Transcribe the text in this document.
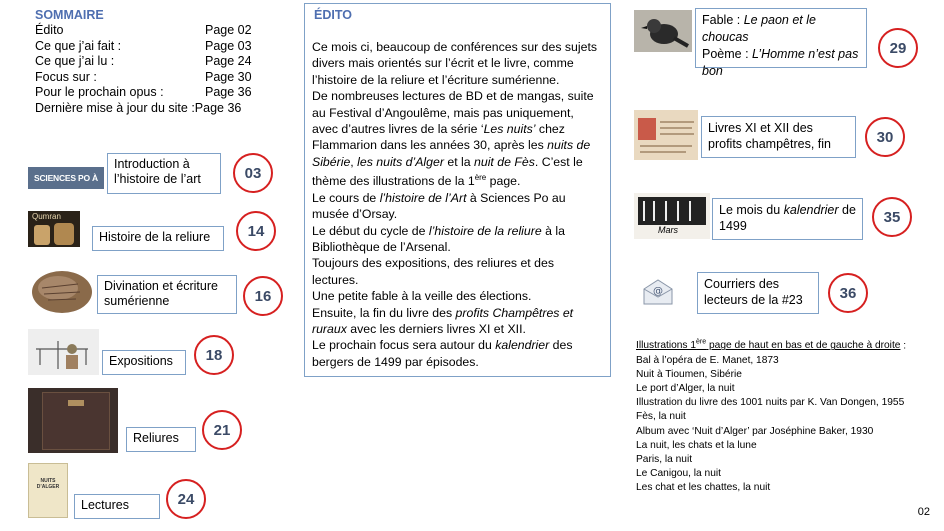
SOMMAIRE
Édito	Page 02
Ce que j’ai fait :	Page 03
Ce que j’ai lu :	Page 24
Focus sur :	Page 30
Pour le prochain opus :	Page 36
Dernière mise à jour du site : Page 36
ÉDITO
Ce mois ci, beaucoup de conférences sur des sujets divers mais orientés sur l’écrit et le livre, comme l’histoire de la reliure et l’écriture sumérienne.
De nombreuses lectures de BD et de mangas, suite au Festival d’Angoulême, mais pas uniquement, avec d’autres livres de la série ‘Les nuits’ chez Flammarion dans les années 30, après les nuits de Sibérie, les nuits d’Alger et la nuit de Fès. C’est le thème des illustrations de la 1ère page.
Le cours de l’histoire de l’Art à Sciences Po au musée d’Orsay.
Le début du cycle de l’histoire de la reliure à la Bibliothèque de l’Arsenal.
Toujours des expositions, des reliures et des lectures.
Une petite fable à la veille des élections.
Ensuite, la fin du livre des profits Champêtres et ruraux avec les derniers livres XI et XII.
Le prochain focus sera autour du kalendrier des bergers de 1499 par épisodes.
SCIENCES PO À ORSAY
Introduction à l’histoire de l’art	03
Qumran
Histoire de la reliure	14
Divination et écriture sumérienne	16
Expositions	18
Reliures	21
NUITS D’ALGER
Lectures	24
Fable : Le paon et le choucas
Poème : L’Homme n’est pas bon
29
Livres XI et XII des profits champêtres, fin	30
Mars
Le mois du kalendrier de 1499
35
@
Courriers des lecteurs de la #23	36
Illustrations 1ère page de haut en bas et de gauche à droite :
Bal à l’opéra de E. Manet, 1873
Nuit à Tioumen, Sibérie
Le port d’Alger, la nuit
Illustration du livre des 1001 nuits par K. Van Dongen, 1955
Fès, la nuit
Album avec ‘Nuit d’Alger’ par Joséphine Baker, 1930
La nuit, les chats et la lune
Paris, la nuit
Le Canigou, la nuit
Les chat et les chattes, la nuit
02
